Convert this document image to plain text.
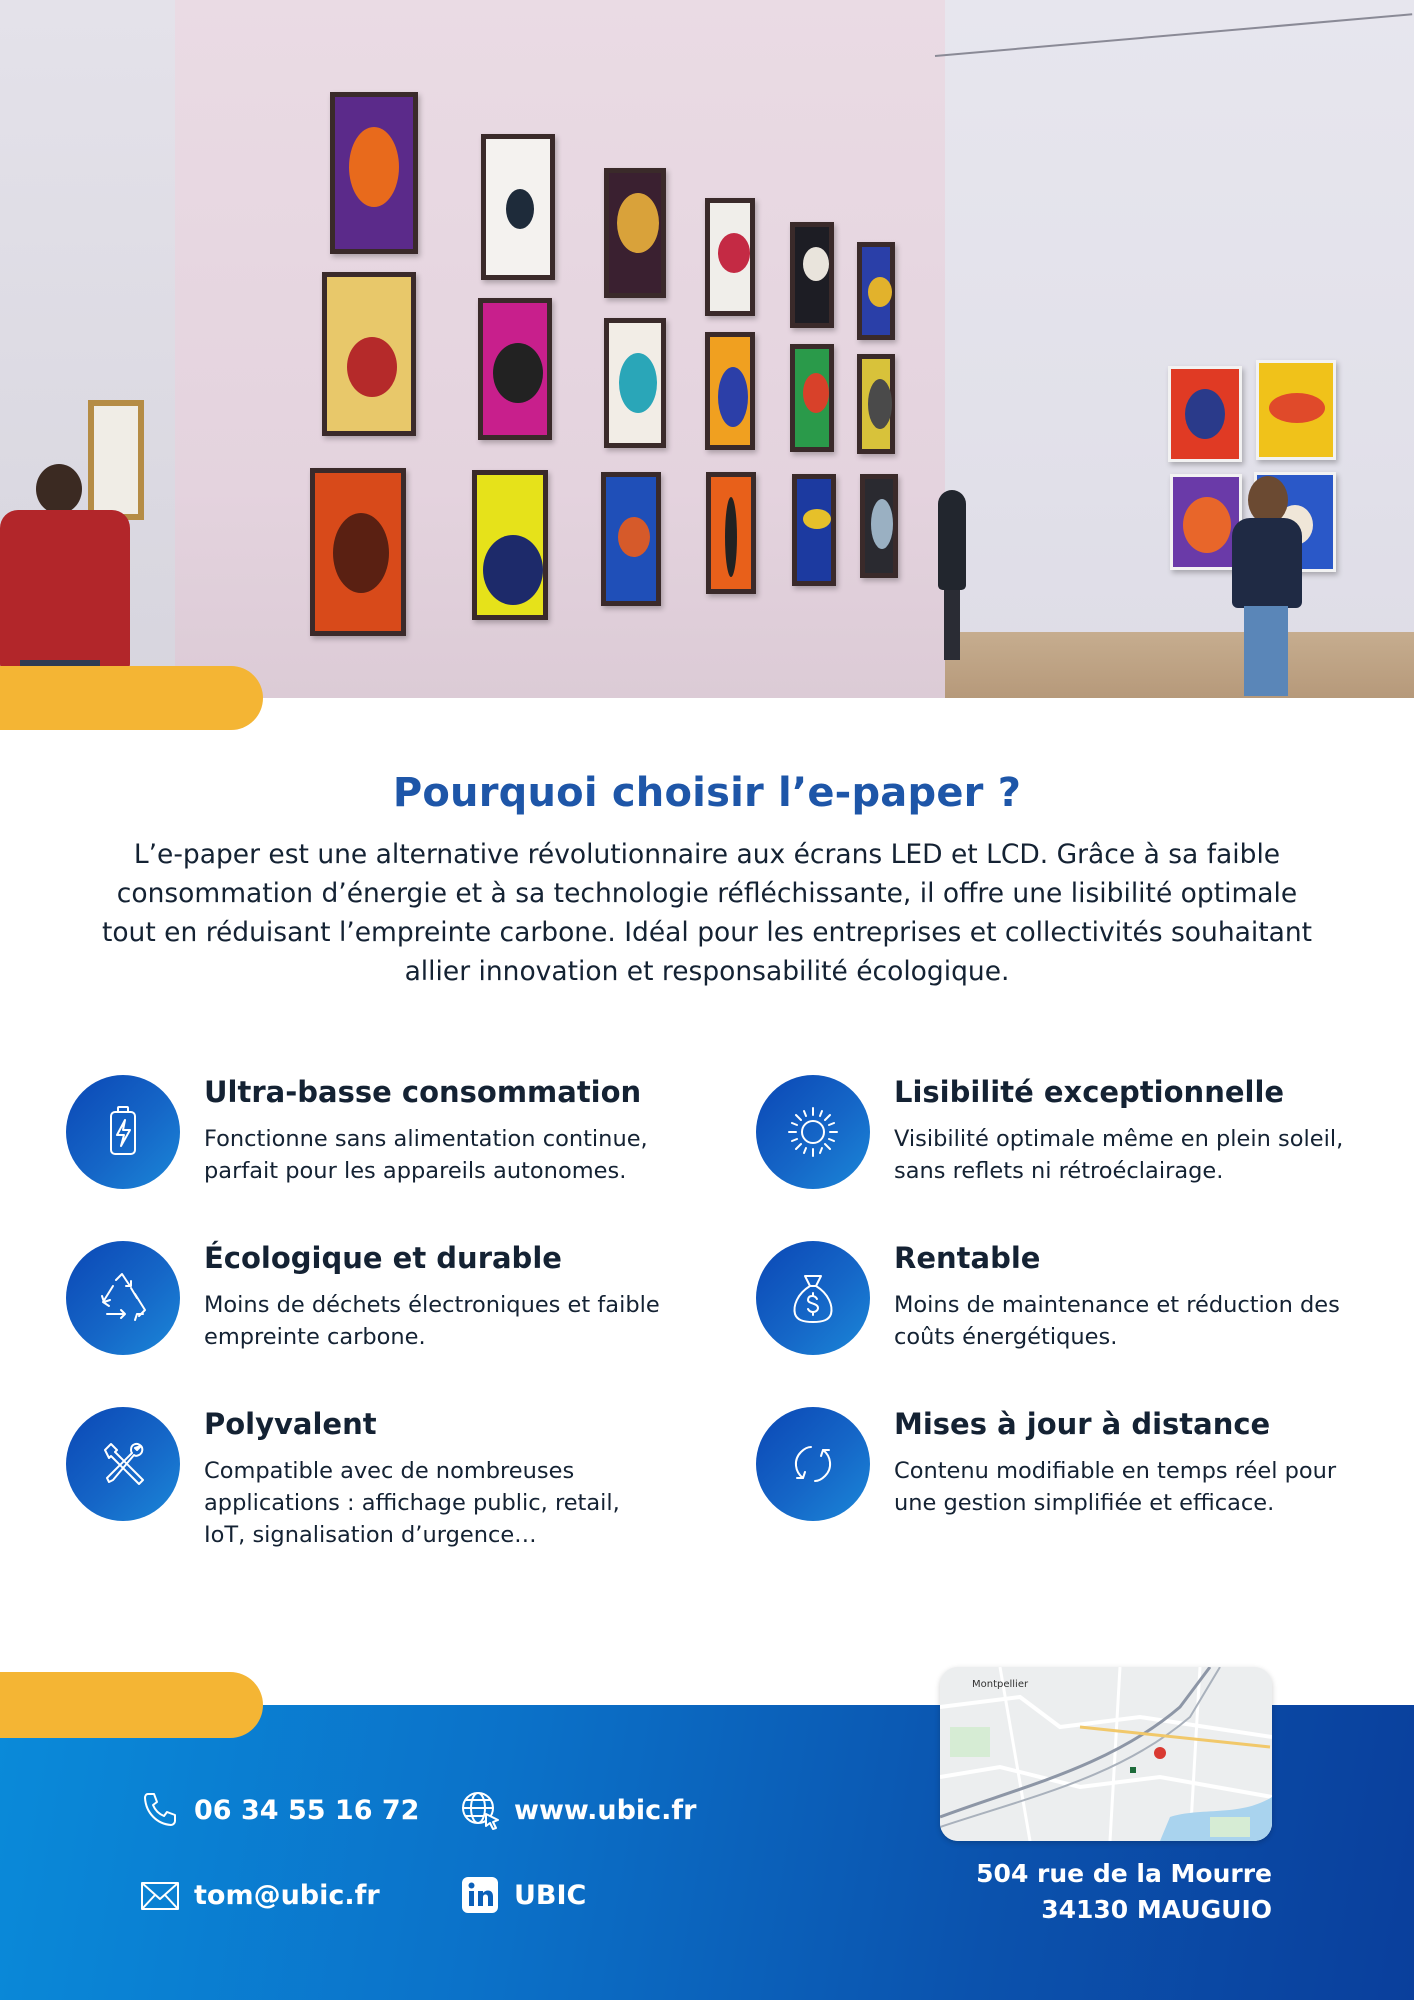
Pourquoi choisir l’e-paper ?

L’e-paper est une alternative révolutionnaire aux écrans LED et LCD. Grâce à sa faible consommation d’énergie et à sa technologie réfléchissante, il offre une lisibilité optimale tout en réduisant l’empreinte carbone. Idéal pour les entreprises et collectivités souhaitant allier innovation et responsabilité écologique.

Ultra-basse consommation
Fonctionne sans alimentation continue, parfait pour les appareils autonomes.
Lisibilité exceptionnelle
Visibilité optimale même en plein soleil, sans reflets ni rétroéclairage.
Écologique et durable
Moins de déchets électroniques et faible empreinte carbone.
Rentable
Moins de maintenance et réduction des coûts énergétiques.
Polyvalent
Compatible avec de nombreuses applications : affichage public, retail, IoT, signalisation d’urgence…
Mises à jour à distance
Contenu modifiable en temps réel pour une gestion simplifiée et efficace.
06 34 55 16 72	www.ubic.fr
tom@ubic.fr	UBIC
Montpellier
504 rue de la Mourre
34130 MAUGUIO
